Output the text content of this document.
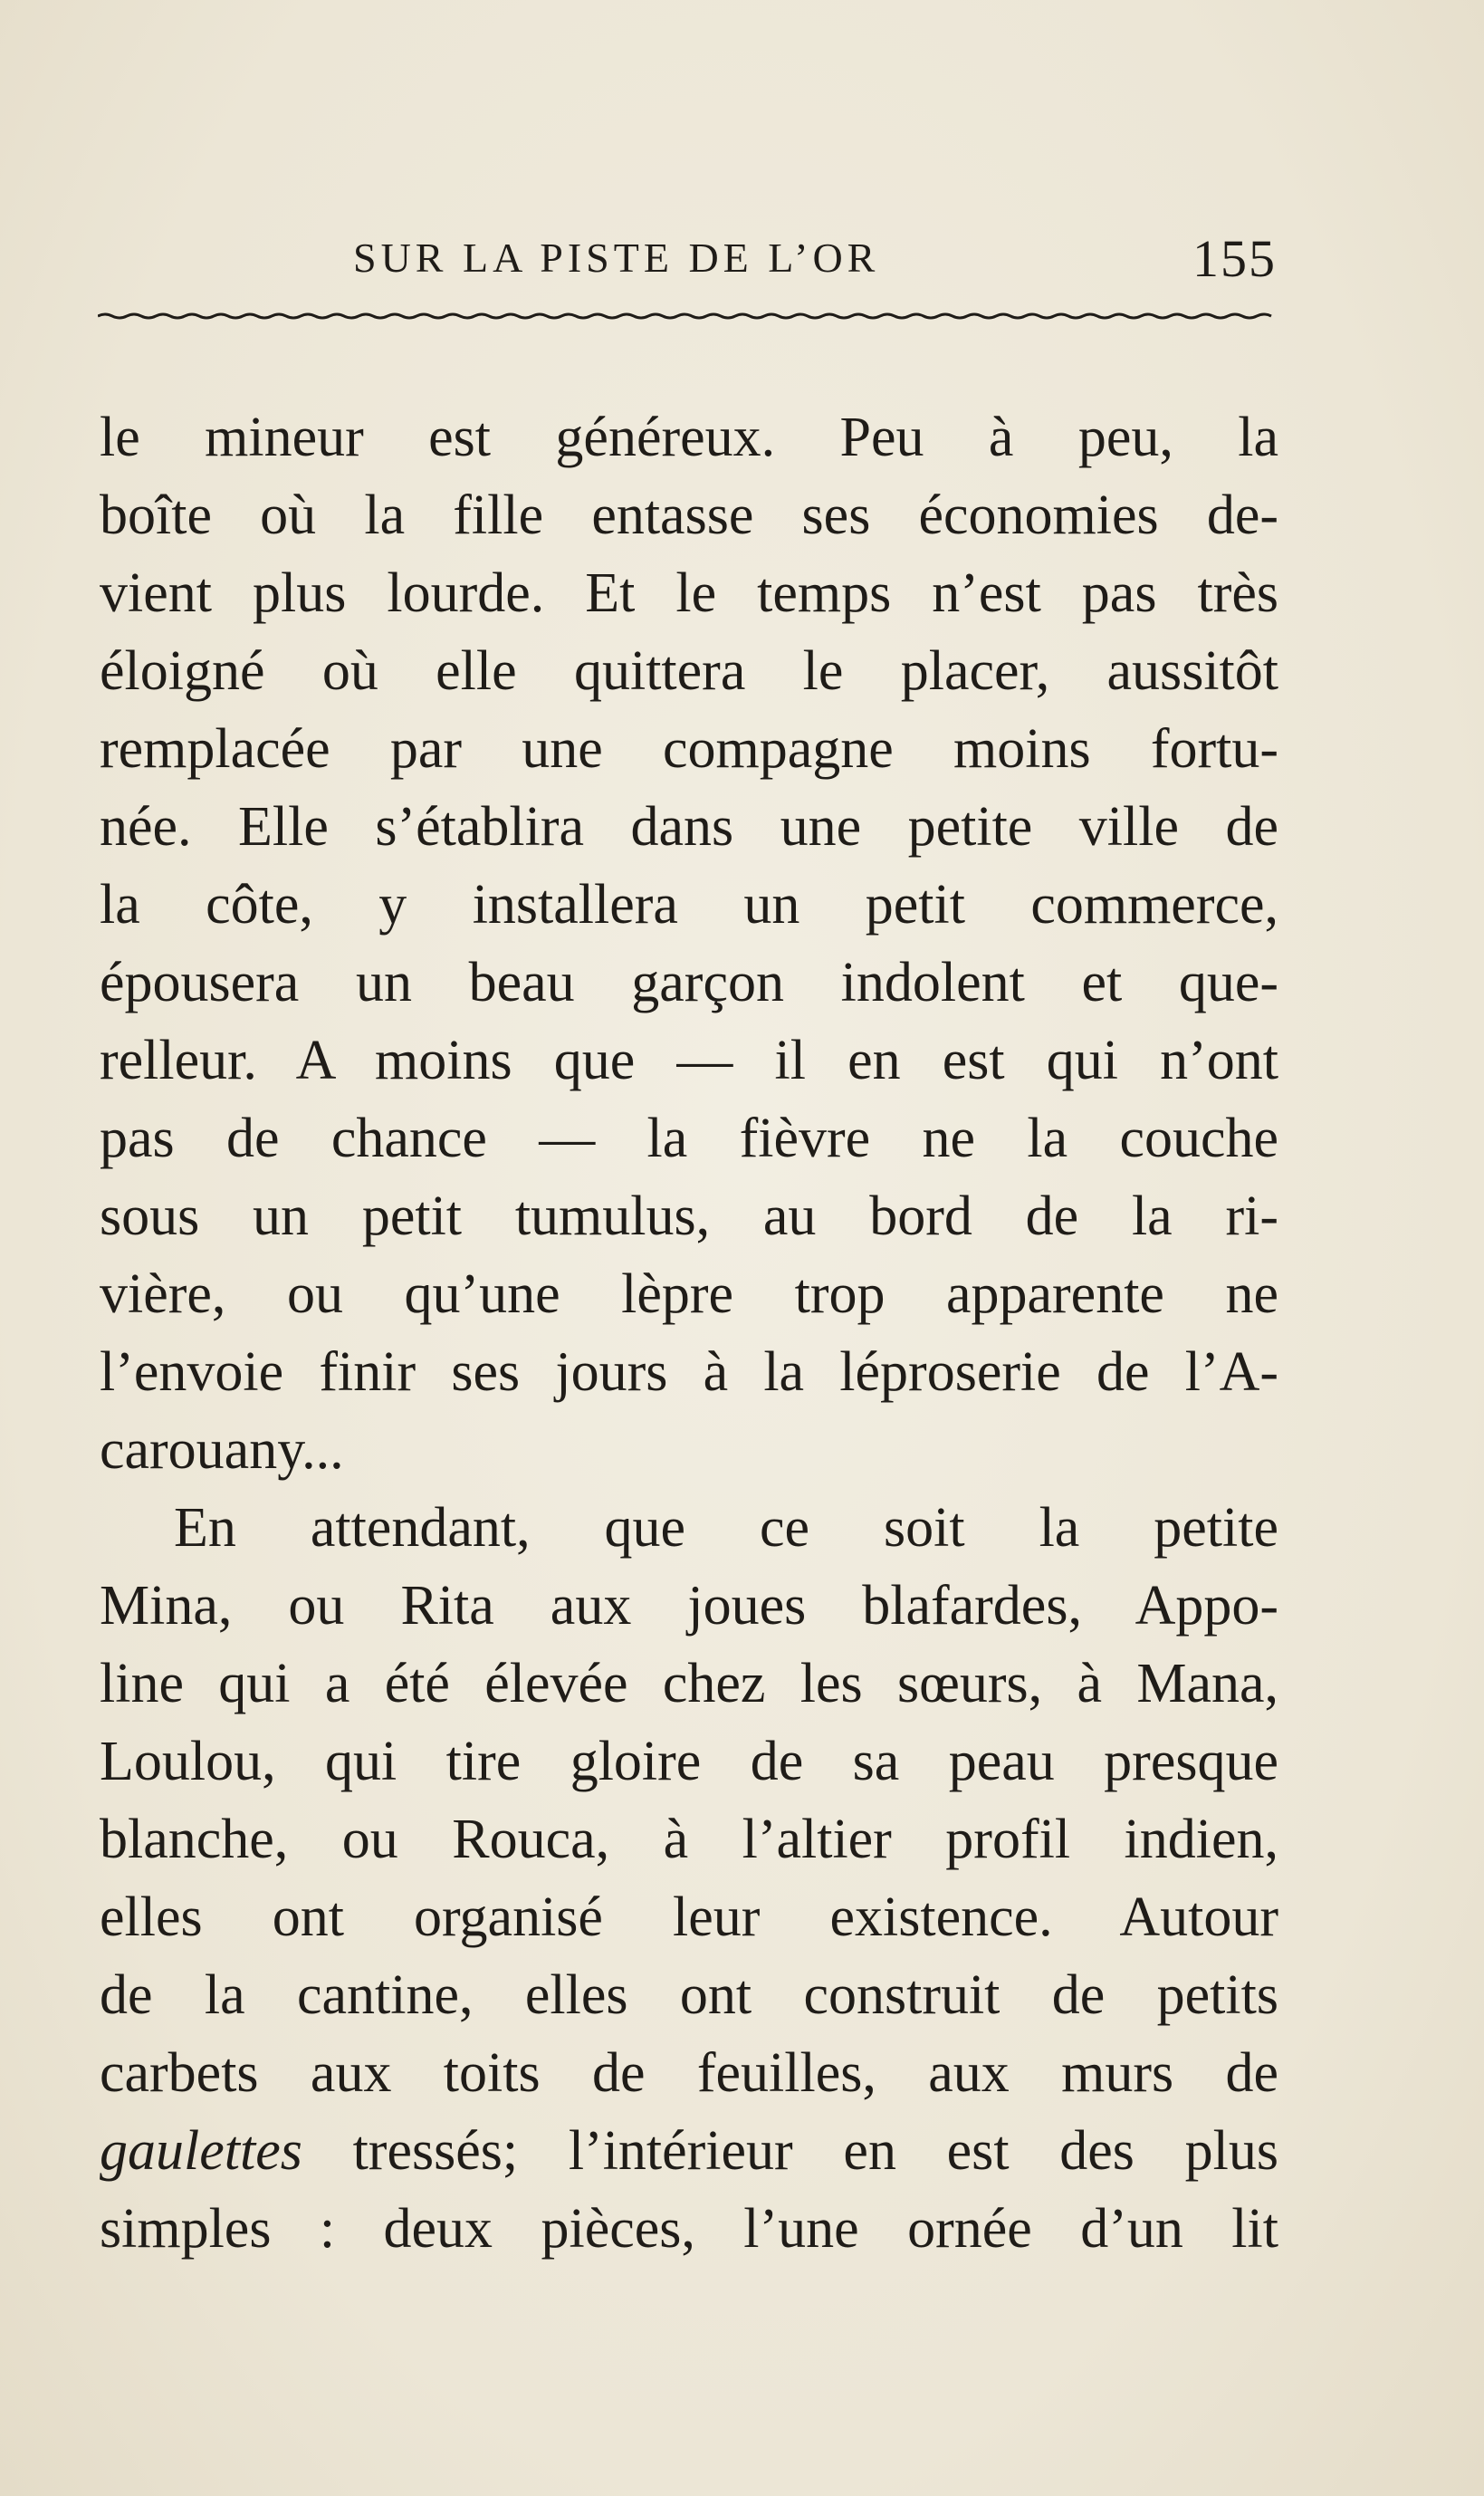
SUR LA PISTE DE L’OR	155
le mineur est généreux. Peu à peu, la
boîte où la fille entasse ses économies de-
vient plus lourde. Et le temps n’est pas très
éloigné où elle quittera le placer, aussitôt
remplacée par une compagne moins fortu-
née. Elle s’établira dans une petite ville de
la côte, y installera un petit commerce,
épousera un beau garçon indolent et que-
relleur. A moins que — il en est qui n’ont
pas de chance — la fièvre ne la couche
sous un petit tumulus, au bord de la ri-
vière, ou qu’une lèpre trop apparente ne
l’envoie finir ses jours à la léproserie de l’A-
carouany...
En attendant, que ce soit la petite
Mina, ou Rita aux joues blafardes, Appo-
line qui a été élevée chez les sœurs, à Mana,
Loulou, qui tire gloire de sa peau presque
blanche, ou Rouca, à l’altier profil indien,
elles ont organisé leur existence. Autour
de la cantine, elles ont construit de petits
carbets aux toits de feuilles, aux murs de
gaulettes tressés; l’intérieur en est des plus
simples : deux pièces, l’une ornée d’un lit
